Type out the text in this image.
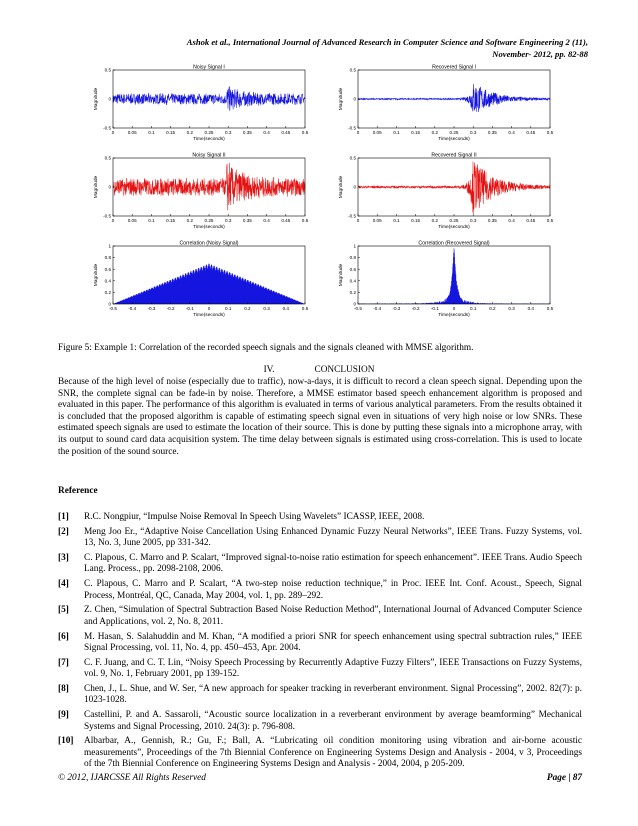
Ashok et al., International Journal of Advanced Research in Computer Science and Software Engineering 2 (11),
November- 2012, pp. 82-88
Noisy Signal I
0	0.05	0.1	0.15	0.2	0.25	0.3	0.35	0.4	0.45	0.5
0.5
0
-0.5
Time(seconds)
Magnitude
Recovered Signal I
0	0.05	0.1	0.15	0.2	0.25	0.3	0.35	0.4	0.45	0.5
0.5
0
-0.5
Time(seconds)
Magnitude
Noisy Signal II
0	0.05	0.1	0.15	0.2	0.25	0.3	0.35	0.4	0.45	0.5
0.5
0
-0.5
Time(seconds)
Magnitude
Recovered Signal II
0	0.05	0.1	0.15	0.2	0.25	0.3	0.35	0.4	0.45	0.5
0.5
0
-0.5
Time(seconds)
Magnitude
Correlation (Noisy Signal)
-0.5 -0.4 -0.3 -0.2 -0.1	0	0.1	0.2	0.3	0.4	0.5
1
0.8
0.6
0.4
0.2
0
Time(seconds)
Magnitude
Correlation (Recovered Signal)
-0.5 -0.4 -0.3 -0.2 -0.1	0	0.1	0.2	0.3	0.4	0.5
1
0.8
0.6
0.4
0.2
0
Time(seconds)
Magnitude
Figure 5: Example 1: Correlation of the recorded speech signals and the signals cleaned with MMSE algorithm.
IV.	CONCLUSION
Because of the high level of noise (especially due to traffic), now-a-days, it is difficult to record a clean speech signal. Depending upon the SNR, the complete signal can be fade-in by noise. Therefore, a MMSE estimator based speech enhancement algorithm is proposed and evaluated in this paper. The performance of this algorithm is evaluated in terms of various analytical parameters. From the results obtained it is concluded that the proposed algorithm is capable of estimating speech signal even in situations of very high noise or low SNRs. These estimated speech signals are used to estimate the location of their source. This is done by putting these signals into a microphone array, with its output to sound card data acquisition system. The time delay between signals is estimated using cross-correlation. This is used to locate the position of the sound source.
Reference
[1]	R.C. Nongpiur, “Impulse Noise Removal In Speech Using Wavelets” ICASSP, IEEE, 2008.
[2]	Meng Joo Er., “Adaptive Noise Cancellation Using Enhanced Dynamic Fuzzy Neural Networks”, IEEE Trans. Fuzzy Systems, vol. 13, No. 3, June 2005, pp 331-342.
[3]	C. Plapous, C. Marro and P. Scalart, “Improved signal-to-noise ratio estimation for speech enhancement”. IEEE Trans. Audio Speech Lang. Process., pp. 2098-2108, 2006.
[4]	C. Plapous, C. Marro and P. Scalart, “A two-step noise reduction technique,” in Proc. IEEE Int. Conf. Acoust., Speech, Signal Process, Montréal, QC, Canada, May 2004, vol. 1, pp. 289–292.
[5]	Z. Chen, “Simulation of Spectral Subtraction Based Noise Reduction Method”, International Journal of Advanced Computer Science and Applications, vol. 2, No. 8, 2011.
[6]	M. Hasan, S. Salahuddin and M. Khan, “A modified a priori SNR for speech enhancement using spectral subtraction rules,” IEEE Signal Processing, vol. 11, No. 4, pp. 450–453, Apr. 2004.
[7]	C. F. Juang, and C. T. Lin, “Noisy Speech Processing by Recurrently Adaptive Fuzzy Filters”, IEEE Transactions on Fuzzy Systems, vol. 9, No. 1, February 2001, pp 139-152.
[8]	Chen, J., L. Shue, and W. Ser, “A new approach for speaker tracking in reverberant environment. Signal Processing”, 2002. 82(7): p. 1023-1028.
[9]	Castellini, P. and A. Sassaroli, “Acoustic source localization in a reverberant environment by average beamforming” Mechanical Systems and Signal Processing, 2010. 24(3): p. 796-808.
[10]	Albarbar, A., Gennish, R.; Gu, F.; Ball, A. “Lubricating oil condition monitoring using vibration and air-borne acoustic measurements”, Proceedings of the 7th Biennial Conference on Engineering Systems Design and Analysis - 2004, v 3, Proceedings of the 7th Biennial Conference on Engineering Systems Design and Analysis - 2004, 2004, p 205-209.
© 2012, IJARCSSE All Rights Reserved	Page | 87
